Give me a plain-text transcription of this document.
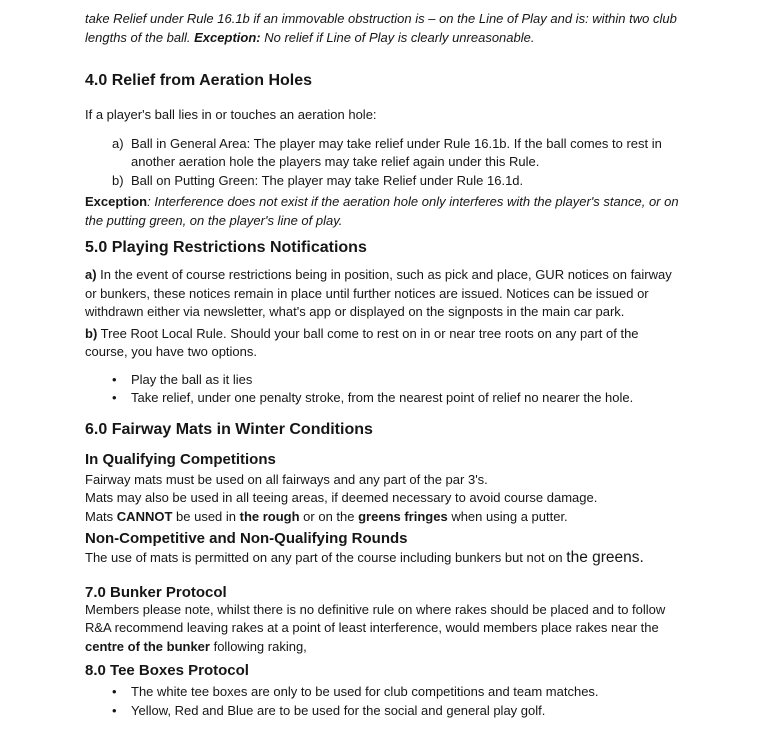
take Relief under Rule 16.1b if an immovable obstruction is – on the Line of Play and is: within two club lengths of the ball. Exception: No relief if Line of Play is clearly unreasonable.

4.0 Relief from Aeration Holes

If a player's ball lies in or touches an aeration hole:

a) Ball in General Area: The player may take relief under Rule 16.1b. If the ball comes to rest in another aeration hole the players may take relief again under this Rule.
b) Ball on Putting Green: The player may take Relief under Rule 16.1d.

Exception: Interference does not exist if the aeration hole only interferes with the player's stance, or on the putting green, on the player's line of play.

5.0 Playing Restrictions Notifications

a) In the event of course restrictions being in position, such as pick and place, GUR notices on fairway or bunkers, these notices remain in place until further notices are issued. Notices can be issued or withdrawn either via newsletter, what's app or displayed on the signposts in the main car park.

b) Tree Root Local Rule. Should your ball come to rest on in or near tree roots on any part of the course, you have two options.

• Play the ball as it lies
• Take relief, under one penalty stroke, from the nearest point of relief no nearer the hole.
6.0 Fairway Mats in Winter Conditions
In Qualifying Competitions

Fairway mats must be used on all fairways and any part of the par 3's.
Mats may also be used in all teeing areas, if deemed necessary to avoid course damage.
Mats CANNOT be used in the rough or on the greens fringes when using a putter.

Non-Competitive and Non-Qualifying Rounds

The use of mats is permitted on any part of the course including bunkers but not on the greens.

7.0 Bunker Protocol

Members please note, whilst there is no definitive rule on where rakes should be placed and to follow R&A recommend leaving rakes at a point of least interference, would members place rakes near the centre of the bunker following raking,

8.0 Tee Boxes Protocol
• The white tee boxes are only to be used for club competitions and team matches.
• Yellow, Red and Blue are to be used for the social and general play golf.
